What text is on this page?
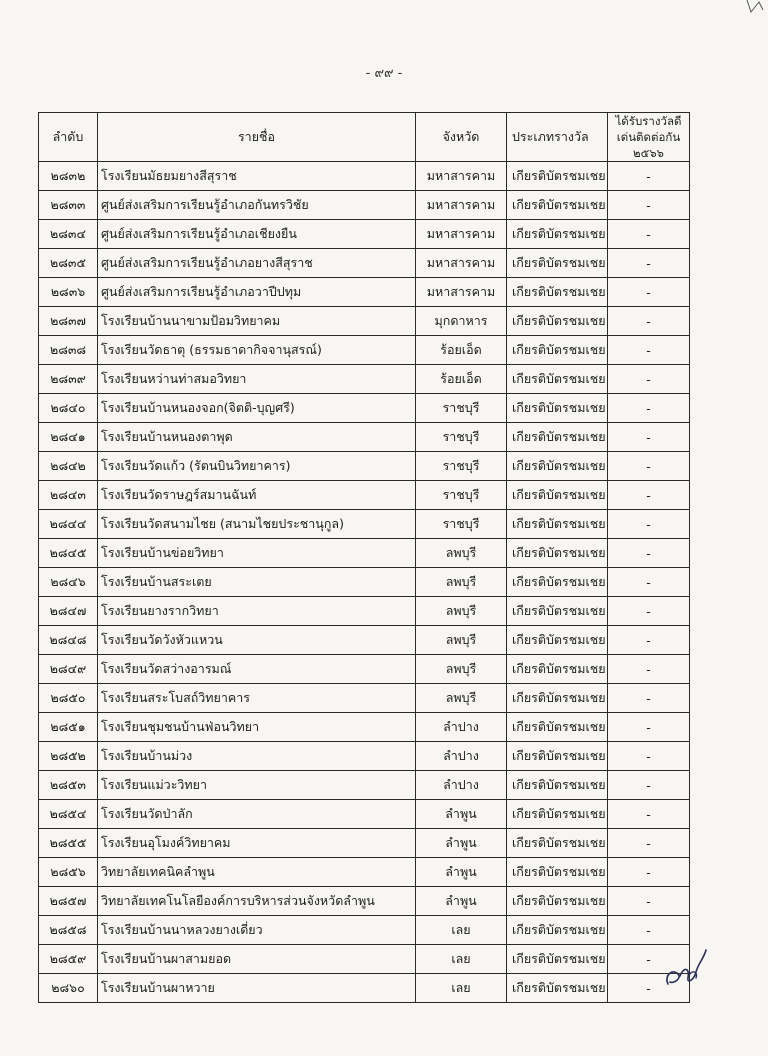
- ๙๙ -
ลำดับ	รายชื่อ	จังหวัด	ประเภทรางวัล	ได้รับรางวัลดีเด่นติดต่อกัน ๒๕๖๖
๒๘๓๒	โรงเรียนมัธยมยางสีสุราช	มหาสารคาม	เกียรติบัตรชมเชย	-
๒๘๓๓	ศูนย์ส่งเสริมการเรียนรู้อำเภอกันทรวิชัย	มหาสารคาม	เกียรติบัตรชมเชย	-
๒๘๓๔	ศูนย์ส่งเสริมการเรียนรู้อำเภอเชียงยืน	มหาสารคาม	เกียรติบัตรชมเชย	-
๒๘๓๕	ศูนย์ส่งเสริมการเรียนรู้อำเภอยางสีสุราช	มหาสารคาม	เกียรติบัตรชมเชย	-
๒๘๓๖	ศูนย์ส่งเสริมการเรียนรู้อำเภอวาปีปทุม	มหาสารคาม	เกียรติบัตรชมเชย	-
๒๘๓๗	โรงเรียนบ้านนาขามป้อมวิทยาคม	มุกดาหาร	เกียรติบัตรชมเชย	-
๒๘๓๘	โรงเรียนวัดธาตุ (ธรรมธาดากิจจานุสรณ์)	ร้อยเอ็ด	เกียรติบัตรชมเชย	-
๒๘๓๙	โรงเรียนหว่านท่าสมอวิทยา	ร้อยเอ็ด	เกียรติบัตรชมเชย	-
๒๘๔๐	โรงเรียนบ้านหนองจอก(จิตติ-บุญศรี)	ราชบุรี	เกียรติบัตรชมเชย	-
๒๘๔๑	โรงเรียนบ้านหนองตาพุด	ราชบุรี	เกียรติบัตรชมเชย	-
๒๘๔๒	โรงเรียนวัดแก้ว (รัตนบินวิทยาคาร)	ราชบุรี	เกียรติบัตรชมเชย	-
๒๘๔๓	โรงเรียนวัดราษฎร์สมานฉันท์	ราชบุรี	เกียรติบัตรชมเชย	-
๒๘๔๔	โรงเรียนวัดสนามไชย (สนามไชยประชานุกูล)	ราชบุรี	เกียรติบัตรชมเชย	-
๒๘๔๕	โรงเรียนบ้านข่อยวิทยา	ลพบุรี	เกียรติบัตรชมเชย	-
๒๘๔๖	โรงเรียนบ้านสระเตย	ลพบุรี	เกียรติบัตรชมเชย	-
๒๘๔๗	โรงเรียนยางรากวิทยา	ลพบุรี	เกียรติบัตรชมเชย	-
๒๘๔๘	โรงเรียนวัดวังหัวแหวน	ลพบุรี	เกียรติบัตรชมเชย	-
๒๘๔๙	โรงเรียนวัดสว่างอารมณ์	ลพบุรี	เกียรติบัตรชมเชย	-
๒๘๕๐	โรงเรียนสระโบสถ์วิทยาคาร	ลพบุรี	เกียรติบัตรชมเชย	-
๒๘๕๑	โรงเรียนชุมชนบ้านฟ่อนวิทยา	ลำปาง	เกียรติบัตรชมเชย	-
๒๘๕๒	โรงเรียนบ้านม่วง	ลำปาง	เกียรติบัตรชมเชย	-
๒๘๕๓	โรงเรียนแม่วะวิทยา	ลำปาง	เกียรติบัตรชมเชย	-
๒๘๕๔	โรงเรียนวัดป่าลัก	ลำพูน	เกียรติบัตรชมเชย	-
๒๘๕๕	โรงเรียนอุโมงค์วิทยาคม	ลำพูน	เกียรติบัตรชมเชย	-
๒๘๕๖	วิทยาลัยเทคนิคลำพูน	ลำพูน	เกียรติบัตรชมเชย	-
๒๘๕๗	วิทยาลัยเทคโนโลยีองค์การบริหารส่วนจังหวัดลำพูน	ลำพูน	เกียรติบัตรชมเชย	-
๒๘๕๘	โรงเรียนบ้านนาหลวงยางเดี่ยว	เลย	เกียรติบัตรชมเชย	-
๒๘๕๙	โรงเรียนบ้านผาสามยอด	เลย	เกียรติบัตรชมเชย	-
๒๘๖๐	โรงเรียนบ้านผาหวาย	เลย	เกียรติบัตรชมเชย	-
